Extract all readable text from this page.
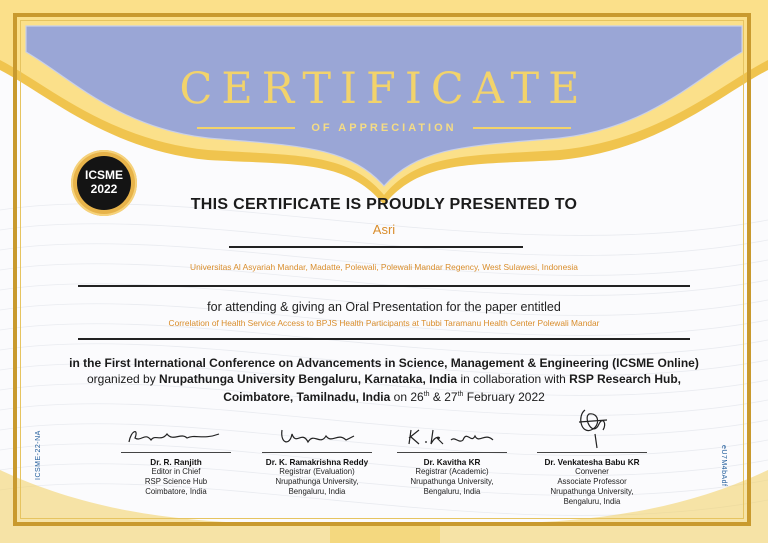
CERTIFICATE
OF APPRECIATION
ICSME
2022
THIS CERTIFICATE IS PROUDLY PRESENTED TO
Asri
Universitas Al Asyariah Mandar, Madatte, Polewali, Polewali Mandar Regency, West Sulawesi, Indonesia
for attending & giving an Oral Presentation for the paper entitled
Correlation of Health Service Access to BPJS Health Participants at Tubbi Taramanu Health Center Polewali Mandar
in the First International Conference on Advancements in Science, Management & Engineering (ICSME Online)
organized by Nrupathunga University Bengaluru, Karnataka, India in collaboration with RSP Research Hub,
Coimbatore, Tamilnadu, India on 26th & 27th February 2022
Dr. R. Ranjith
Editor in Chief
RSP Science Hub
Coimbatore, India
Dr. K. Ramakrishna Reddy
Registrar (Evaluation)
Nrupathunga University,
Bengaluru, India
Dr. Kavitha KR
Registrar (Academic)
Nrupathunga University,
Bengaluru, India
Dr. Venkatesha Babu KR
Convener
Associate Professor
Nrupathunga University,
Bengaluru, India
ICSME-22-NA	eU7M4bAdf
